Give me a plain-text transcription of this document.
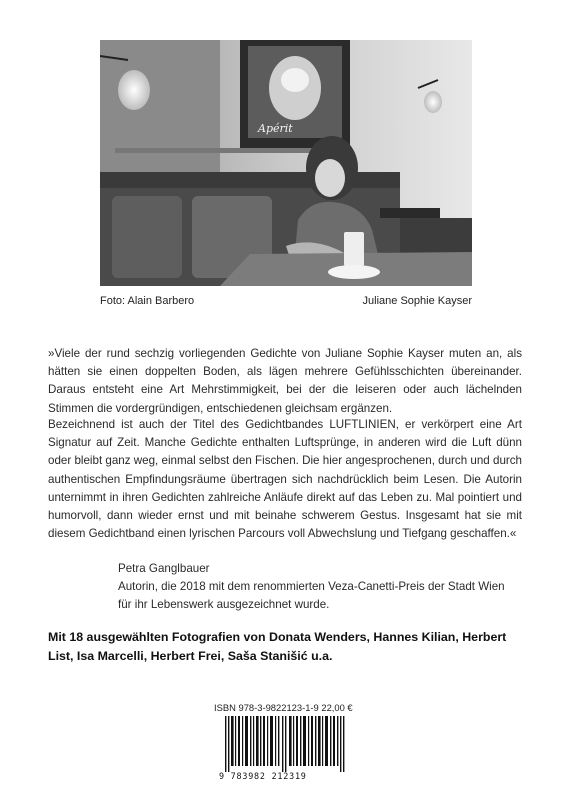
Apérit
Foto: Alain Barbero	Juliane Sophie Kayser

»Viele der rund sechzig vorliegenden Gedichte von Juliane Sophie Kayser muten an, als hätten sie einen doppelten Boden, als lägen mehrere Gefühlsschichten übereinander. Daraus entsteht eine Art Mehrstimmigkeit, bei der die leiseren oder auch lächelnden Stimmen die vordergründigen, entschiedenen gleichsam ergänzen.

Bezeichnend ist auch der Titel des Gedichtbandes LUFTLINIEN, er verkörpert eine Art Signatur auf Zeit. Manche Gedichte enthalten Luftsprünge, in anderen wird die Luft dünn oder bleibt ganz weg, einmal selbst den Fischen. Die hier angesprochenen, durch und durch authentischen Empfindungsräume übertragen sich nachdrücklich beim Lesen. Die Autorin unternimmt in ihren Gedichten zahlreiche Anläufe direkt auf das Leben zu. Mal pointiert und humorvoll, dann wieder ernst und mit beinahe schwerem Gestus. Insgesamt hat sie mit diesem Gedichtband einen lyrischen Parcours voll Abwechslung und Tiefgang geschaffen.«

Petra Ganglbauer

Autorin, die 2018 mit dem renommierten Veza-Canetti-Preis der Stadt Wien für ihr Lebenswerk ausgezeichnet wurde.

Mit 18 ausgewählten Fotografien von Donata Wenders, Hannes Kilian, Herbert List, Isa Marcelli, Herbert Frei, Saša Stanišić u.a.

ISBN 978-3-9822123-1-9 22,00 €
9 783982 212319
